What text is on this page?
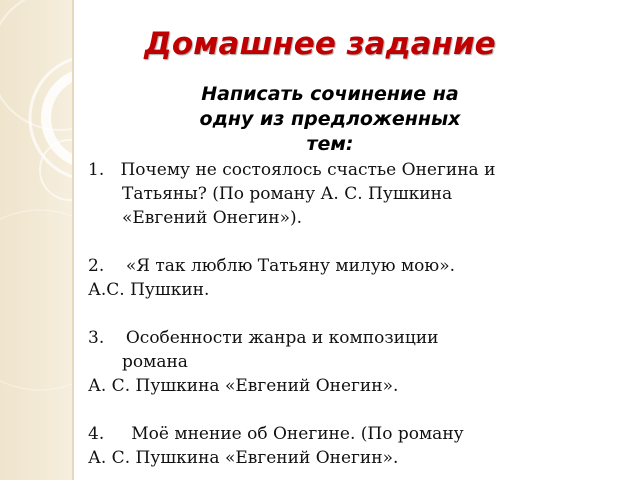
Домашнее задание
Написать сочинение на
одну из предложенных
тем:
1. Почему не состоялось счастье Онегина и
Татьяны? (По роману А. С. Пушкина
«Евгений Онегин»).
2. «Я так люблю Татьяну милую мою».
А.С. Пушкин.
3. Особенности жанра и композиции
романа
А. С. Пушкина «Евгений Онегин».
4. Моё мнение об Онегине. (По роману
А. С. Пушкина «Евгений Онегин».
